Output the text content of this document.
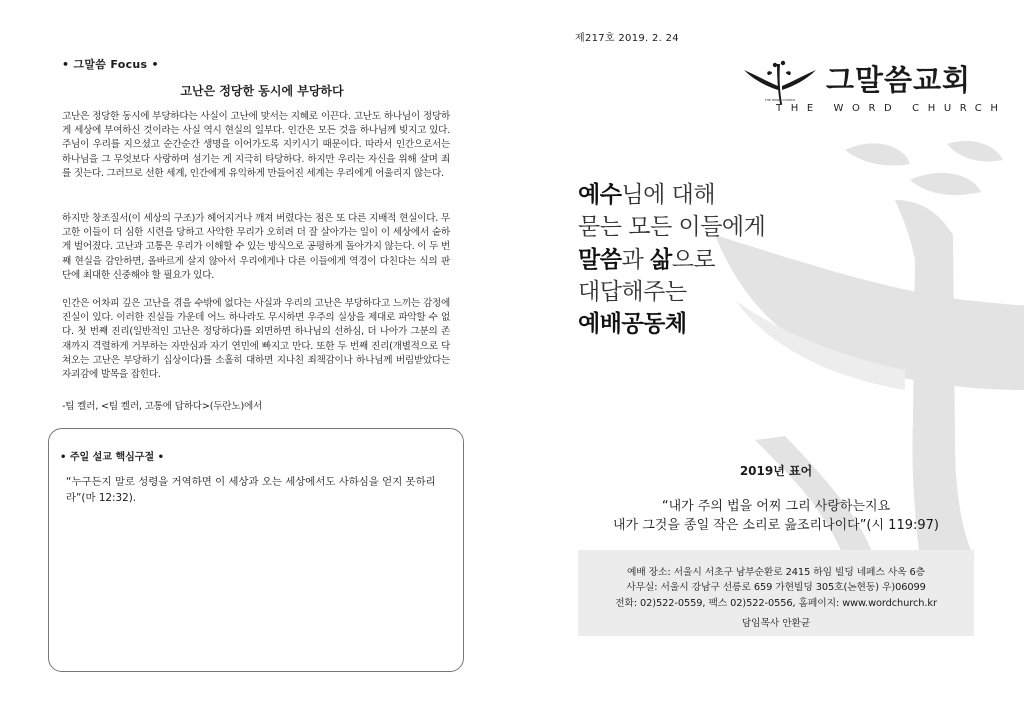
• 그말씀 Focus •
고난은 정당한 동시에 부당하다

고난은 정당한 동시에 부당하다는 사실이 고난에 맞서는 지혜로 이끈다. 고난도 하나님이 정당하게 세상에 부여하신 것이라는 사실 역시 현실의 일부다. 인간은 모든 것을 하나님께 빚지고 있다. 주님이 우리를 지으셨고 순간순간 생명을 이어가도록 지키시기 때문이다. 따라서 인간으로서는 하나님을 그 무엇보다 사랑하며 섬기는 게 지극히 타당하다. 하지만 우리는 자신을 위해 살며 죄를 짓는다. 그러므로 선한 세계, 인간에게 유익하게 만들어진 세계는 우리에게 어울리지 않는다.

하지만 창조질서(이 세상의 구조)가 헤어지거나 깨져 버렸다는 점은 또 다른 지배적 현실이다. 무고한 이들이 더 심한 시련을 당하고 사악한 무리가 오히려 더 잘 살아가는 일이 이 세상에서 숱하게 벌어졌다. 고난과 고통은 우리가 이해할 수 있는 방식으로 공평하게 돌아가지 않는다. 이 두 번째 현실을 감안하면, 올바르게 살지 않아서 우리에게나 다른 이들에게 역경이 다친다는 식의 판단에 최대한 신중해야 할 필요가 있다.

인간은 어차피 깊은 고난을 겪을 수밖에 없다는 사실과 우리의 고난은 부당하다고 느끼는 감정에 진실이 있다. 이러한 진실들 가운데 어느 하나라도 무시하면 우주의 실상을 제대로 파악할 수 없다. 첫 번째 진리(일반적인 고난은 정당하다)를 외면하면 하나님의 선하심, 더 나아가 그분의 존재까지 격렬하게 거부하는 자만심과 자기 연민에 빠지고 만다. 또한 두 번째 진리(개별적으로 닥쳐오는 고난은 부당하기 십상이다)를 소홀히 대하면 지나친 죄책감이나 하나님께 버림받았다는 자괴감에 발목을 잡힌다.

-팀 켈러, <팀 켈러, 고통에 답하다>(두란노)에서
• 주일 설교 핵심구절 •

“누구든지 말로 성령을 거역하면 이 세상과 오는 세상에서도 사하심을 얻지 못하리라”(마 12:32).

제217호 2019. 2. 24
THE WORD CHURCH
그말씀교회
THE WORD CHURCH
예수님에 대해
묻는 모든 이들에게
말씀과 삶으로
대답해주는
예배공동체
2019년 표어
“내가 주의 법을 어찌 그리 사랑하는지요
내가 그것을 종일 작은 소리로 읊조리나이다”(시 119:97)
예배 장소: 서울시 서초구 남부순환로 2415 하임 빌딩 네페스 사옥 6층
사무실: 서울시 강남구 선릉로 659 가현빌딩 305호(논현동) 우)06099
전화: 02)522-0559, 팩스 02)522-0556, 홈페이지: www.wordchurch.kr
담임목사 안환균
